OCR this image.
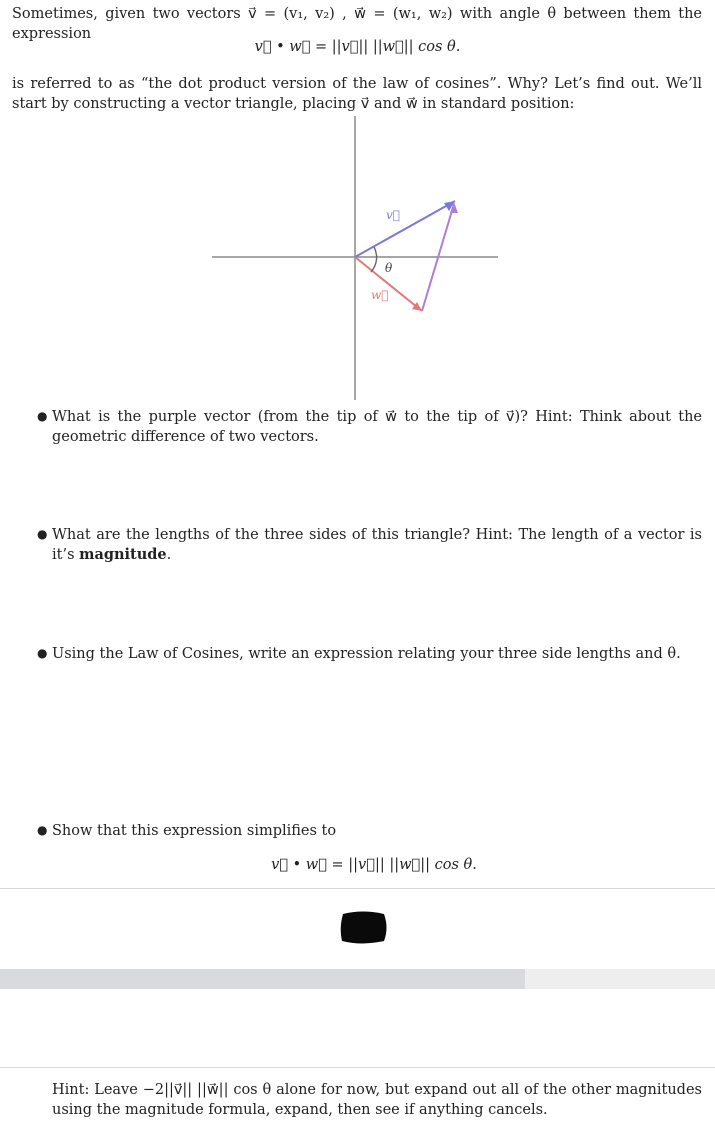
Sometimes, given two vectors v⃗ = (v₁, v₂) , w⃗ = (w₁, w₂) with angle θ between them the expression
v⃗ • w⃗ = ||v⃗|| ||w⃗|| cos θ.
is referred to as “the dot product version of the law of cosines”. Why? Let’s find out. We’ll start by constructing a vector triangle, placing v⃗ and w⃗ in standard position:
v⃗
θ
w⃗
● What is the purple vector (from the tip of w⃗ to the tip of v⃗)? Hint: Think about the geometric difference of two vectors.
● What are the lengths of the three sides of this triangle? Hint: The length of a vector is it’s magnitude.
● Using the Law of Cosines, write an expression relating your three side lengths and θ.
● Show that this expression simplifies to
v⃗ • w⃗ = ||v⃗|| ||w⃗|| cos θ.
Hint: Leave −2||v⃗|| ||w⃗|| cos θ alone for now, but expand out all of the other magnitudes using the magnitude formula, expand, then see if anything cancels.
